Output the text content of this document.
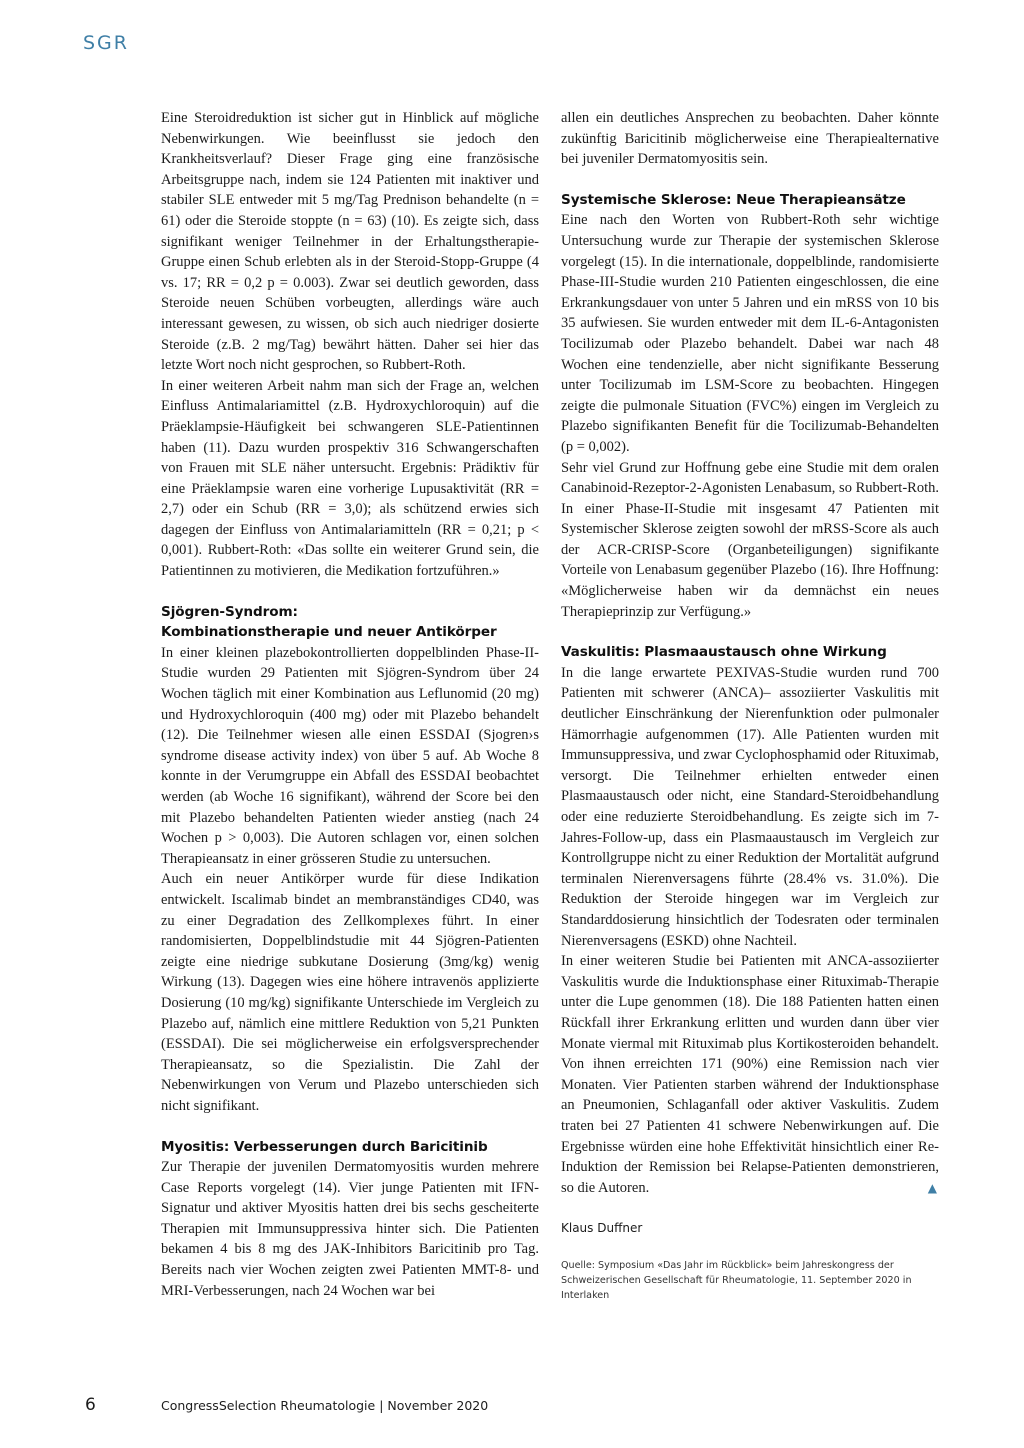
SGR

Eine Steroidreduktion ist sicher gut in Hinblick auf mögliche Nebenwirkungen. Wie beeinflusst sie jedoch den Krankheitsverlauf? Dieser Frage ging eine französische Arbeitsgruppe nach, indem sie 124 Patienten mit inaktiver und stabiler SLE entweder mit 5 mg/Tag Prednison behandelte (n = 61) oder die Steroide stoppte (n = 63) (10). Es zeigte sich, dass signifikant weniger Teilnehmer in der Erhaltungstherapie-Gruppe einen Schub erlebten als in der Steroid-Stopp-Gruppe (4 vs. 17; RR = 0,2 p = 0.003). Zwar sei deutlich geworden, dass Steroide neuen Schüben vorbeugten, allerdings wäre auch interessant gewesen, zu wissen, ob sich auch niedriger dosierte Steroide (z.B. 2 mg/Tag) bewährt hätten. Daher sei hier das letzte Wort noch nicht gesprochen, so Rubbert-Roth.

In einer weiteren Arbeit nahm man sich der Frage an, welchen Einfluss Antimalariamittel (z.B. Hydroxychloroquin) auf die Präeklampsie-Häufigkeit bei schwangeren SLE-Patientinnen haben (11). Dazu wurden prospektiv 316 Schwangerschaften von Frauen mit SLE näher untersucht. Ergebnis: Prädiktiv für eine Präeklampsie waren eine vorherige Lupusaktivität (RR = 2,7) oder ein Schub (RR = 3,0); als schützend erwies sich dagegen der Einfluss von Antimalariamitteln (RR = 0,21; p < 0,001). Rubbert-Roth: «Das sollte ein weiterer Grund sein, die Patientinnen zu motivieren, die Medikation fortzuführen.»

Sjögren-Syndrom:
Kombinationstherapie und neuer Antikörper

In einer kleinen plazebokontrollierten doppelblinden Phase-II-Studie wurden 29 Patienten mit Sjögren-Syndrom über 24 Wochen täglich mit einer Kombination aus Leflunomid (20 mg) und Hydroxychloroquin (400 mg) oder mit Plazebo behandelt (12). Die Teilnehmer wiesen alle einen ESSDAI (Sjogren›s syndrome disease activity index) von über 5 auf. Ab Woche 8 konnte in der Verumgruppe ein Abfall des ESSDAI beobachtet werden (ab Woche 16 signifikant), während der Score bei den mit Plazebo behandelten Patienten wieder anstieg (nach 24 Wochen p > 0,003). Die Autoren schlagen vor, einen solchen Therapieansatz in einer grösseren Studie zu untersuchen.

Auch ein neuer Antikörper wurde für diese Indikation entwickelt. Iscalimab bindet an membranständiges CD40, was zu einer Degradation des Zellkomplexes führt. In einer randomisierten, Doppelblindstudie mit 44 Sjögren-Patienten zeigte eine niedrige subkutane Dosierung (3mg/kg) wenig Wirkung (13). Dagegen wies eine höhere intravenös applizierte Dosierung (10 mg/kg) signifikante Unterschiede im Vergleich zu Plazebo auf, nämlich eine mittlere Reduktion von 5,21 Punkten (ESSDAI). Die sei möglicherweise ein erfolgsversprechender Therapieansatz, so die Spezialistin. Die Zahl der Nebenwirkungen von Verum und Plazebo unterschieden sich nicht signifikant.

Myositis: Verbesserungen durch Baricitinib

Zur Therapie der juvenilen Dermatomyositis wurden mehrere Case Reports vorgelegt (14). Vier junge Patienten mit IFN-Signatur und aktiver Myositis hatten drei bis sechs gescheiterte Therapien mit Immunsuppressiva hinter sich. Die Patienten bekamen 4 bis 8 mg des JAK-Inhibitors Baricitinib pro Tag. Bereits nach vier Wochen zeigten zwei Patienten MMT-8- und MRI-Verbesserungen, nach 24 Wochen war bei

allen ein deutliches Ansprechen zu beobachten. Daher könnte zukünftig Baricitinib möglicherweise eine Therapiealternative bei juveniler Dermatomyositis sein.

Systemische Sklerose: Neue Therapieansätze

Eine nach den Worten von Rubbert-Roth sehr wichtige Untersuchung wurde zur Therapie der systemischen Sklerose vorgelegt (15). In die internationale, doppelblinde, randomisierte Phase-III-Studie wurden 210 Patienten eingeschlossen, die eine Erkrankungsdauer von unter 5 Jahren und ein mRSS von 10 bis 35 aufwiesen. Sie wurden entweder mit dem IL-6-Antagonisten Tocilizumab oder Plazebo behandelt. Dabei war nach 48 Wochen eine tendenzielle, aber nicht signifikante Besserung unter Tocilizumab im LSM-Score zu beobachten. Hingegen zeigte die pulmonale Situation (FVC%) eingen im Vergleich zu Plazebo signifikanten Benefit für die Tocilizumab-Behandelten (p = 0,002).

Sehr viel Grund zur Hoffnung gebe eine Studie mit dem oralen Canabinoid-Rezeptor-2-Agonisten Lenabasum, so Rubbert-Roth. In einer Phase-II-Studie mit insgesamt 47 Patienten mit Systemischer Sklerose zeigten sowohl der mRSS-Score als auch der ACR-CRISP-Score (Organbeteiligungen) signifikante Vorteile von Lenabasum gegenüber Plazebo (16). Ihre Hoffnung: «Möglicherweise haben wir da demnächst ein neues Therapieprinzip zur Verfügung.»

Vaskulitis: Plasmaaustausch ohne Wirkung

In die lange erwartete PEXIVAS-Studie wurden rund 700 Patienten mit schwerer (ANCA)– assoziierter Vaskulitis mit deutlicher Einschränkung der Nierenfunktion oder pulmonaler Hämorrhagie aufgenommen (17). Alle Patienten wurden mit Immunsuppressiva, und zwar Cyclophosphamid oder Rituximab, versorgt. Die Teilnehmer erhielten entweder einen Plasmaaustausch oder nicht, eine Standard-Steroidbehandlung oder eine reduzierte Steroidbehandlung. Es zeigte sich im 7-Jahres-Follow-up, dass ein Plasmaaustausch im Vergleich zur Kontrollgruppe nicht zu einer Reduktion der Mortalität aufgrund terminalen Nierenversagens führte (28.4% vs. 31.0%). Die Reduktion der Steroide hingegen war im Vergleich zur Standarddosierung hinsichtlich der Todesraten oder terminalen Nierenversagens (ESKD) ohne Nachteil.

In einer weiteren Studie bei Patienten mit ANCA-assoziierter Vaskulitis wurde die Induktionsphase einer Rituximab-Therapie unter die Lupe genommen (18). Die 188 Patienten hatten einen Rückfall ihrer Erkrankung erlitten und wurden dann über vier Monate viermal mit Rituximab plus Kortikosteroiden behandelt. Von ihnen erreichten 171 (90%) eine Remission nach vier Monaten. Vier Patienten starben während der Induktionsphase an Pneumonien, Schlaganfall oder aktiver Vaskulitis. Zudem traten bei 27 Patienten 41 schwere Nebenwirkungen auf. Die Ergebnisse würden eine hohe Effektivität hinsichtlich einer Re-Induktion der Remission bei Relapse-Patienten demonstrieren, so die Autoren.	▲

Klaus Duffner
Quelle: Symposium «Das Jahr im Rückblick» beim Jahreskongress der Schweizerischen Gesellschaft für Rheumatologie, 11. September 2020 in Interlaken
6	CongressSelection Rheumatologie | November 2020
